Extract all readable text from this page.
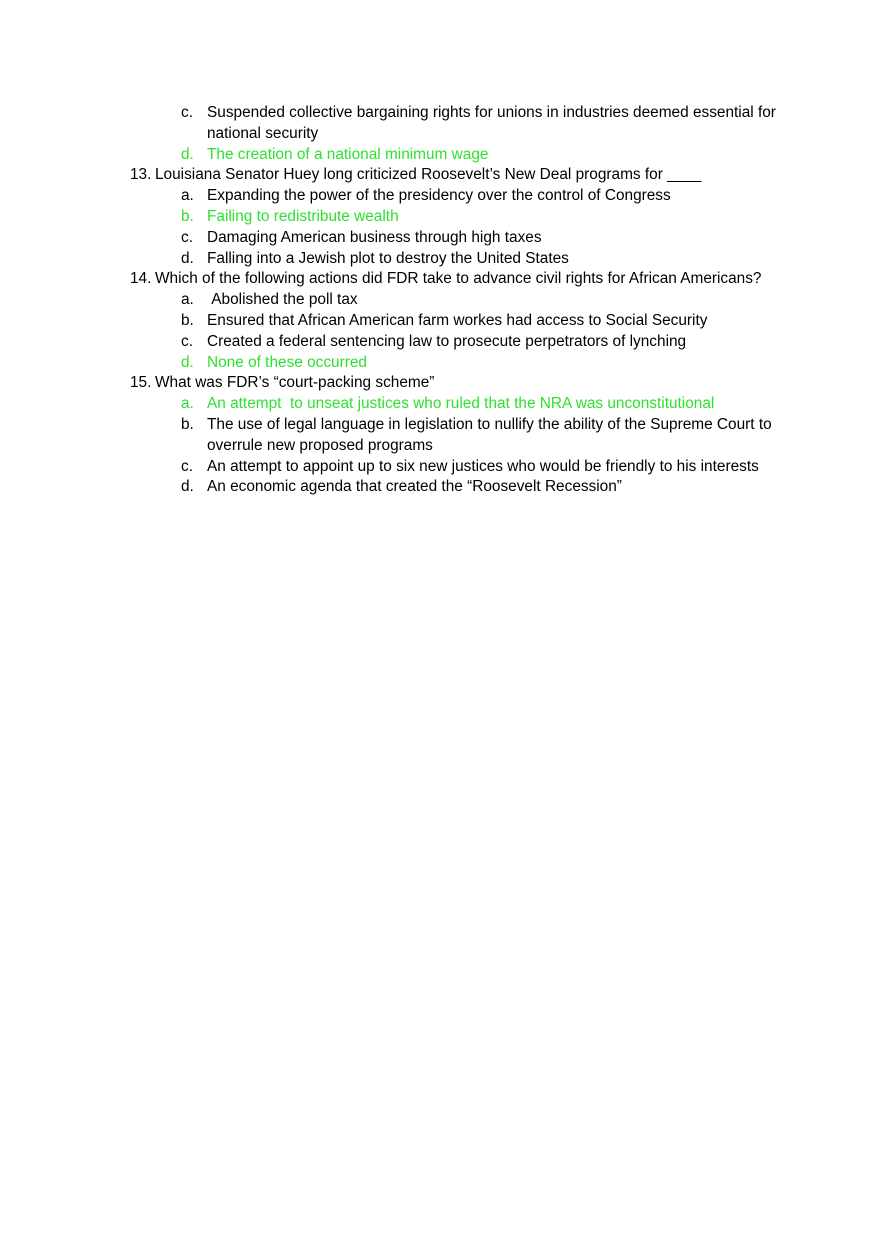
c. Suspended collective bargaining rights for unions in industries deemed essential for national security
d. The creation of a national minimum wage
13. Louisiana Senator Huey long criticized Roosevelt’s New Deal programs for ____
a. Expanding the power of the presidency over the control of Congress
b. Failing to redistribute wealth
c. Damaging American business through high taxes
d. Falling into a Jewish plot to destroy the United States
14. Which of the following actions did FDR take to advance civil rights for African Americans?
a. Abolished the poll tax
b. Ensured that African American farm workes had access to Social Security
c. Created a federal sentencing law to prosecute perpetrators of lynching
d. None of these occurred
15. What was FDR’s “court-packing scheme”
a. An attempt  to unseat justices who ruled that the NRA was unconstitutional
b. The use of legal language in legislation to nullify the ability of the Supreme Court to overrule new proposed programs
c. An attempt to appoint up to six new justices who would be friendly to his interests
d. An economic agenda that created the “Roosevelt Recession”
